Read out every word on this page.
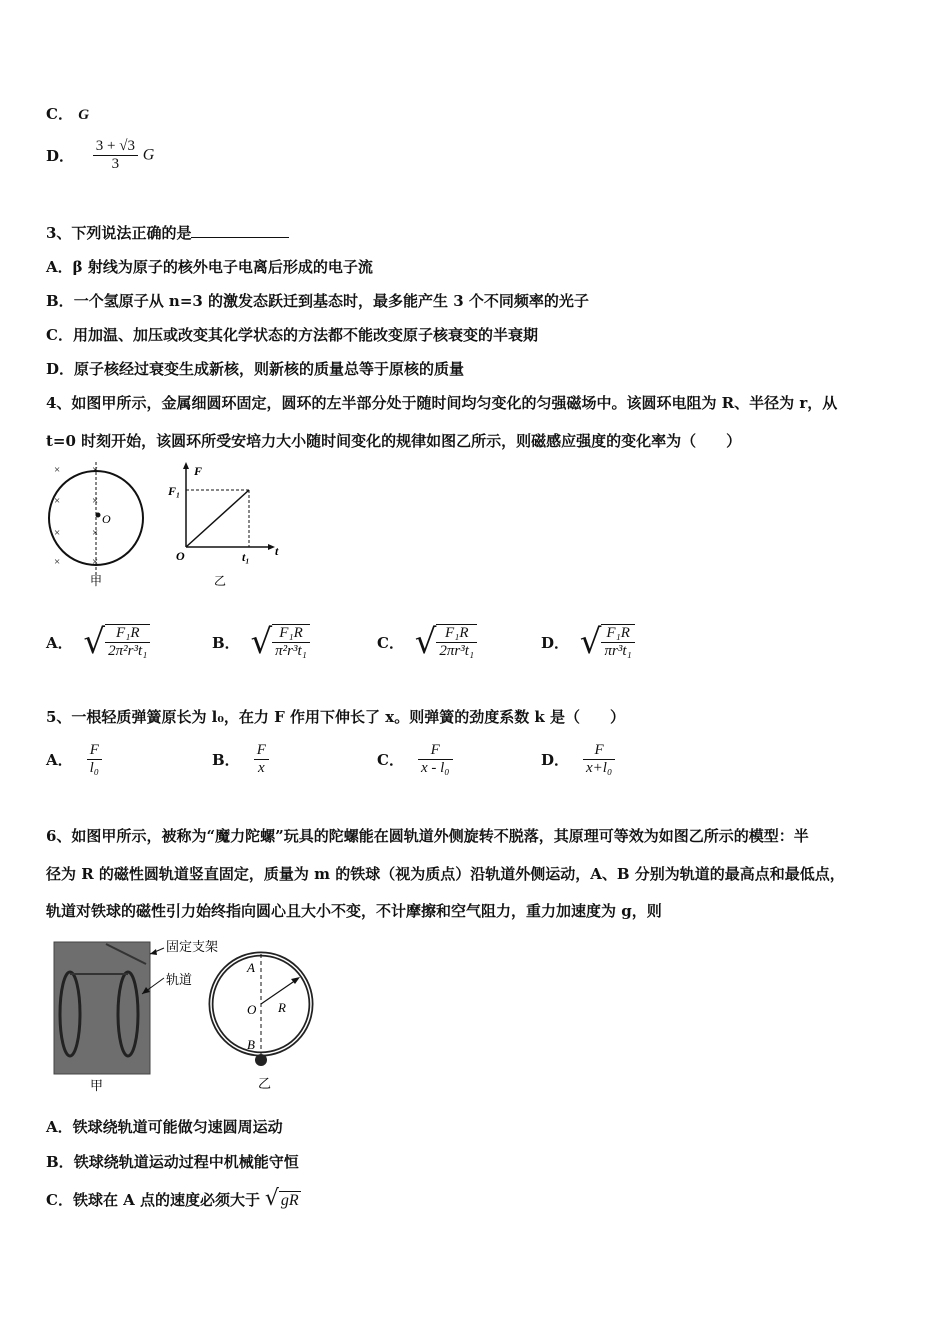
C． G
D． $\frac{3 + √3}{3}$ G
3、下列说法正确的是
A．β 射线为原子的核外电子电离后形成的电子流
B．一个氢原子从 n=3 的激发态跃迁到基态时，最多能产生 3 个不同频率的光子
C．用加温、加压或改变其化学状态的方法都不能改变原子核衰变的半衰期
D．原子核经过衰变生成新核，则新核的质量总等于原核的质量
4、如图甲所示，金属细圆环固定，圆环的左半部分处于随时间均匀变化的匀强磁场中。该圆环电阻为 R、半径为 r，从
t=0 时刻开始，该圆环所受安培力大小随时间变化的规律如图乙所示，则磁感应强度的变化率为（　　）
×	×
×	×
×	×
×	×
O
甲
F
F₁
t
t₁
O
乙
A． √ $\frac{\text{F₁R}}{\text{2π²r³t₁}}$	B． √ $\frac{\text{F₁R}}{\text{π²r³t₁}}$	C． √ $\frac{\text{F₁R}}{\text{2πr³t₁}}$	D． √ $\frac{\text{F₁R}}{\text{πr³t₁}}$
5、一根轻质弹簧原长为 l₀，在力 F 作用下伸长了 x。则弹簧的劲度系数 k 是（　　）
A． $\frac{F}{\text{l₀}}$	B． $\frac{F}{x}$	C． $\frac{F}{\text{x - l₀}}$	D． $\frac{F}{\text{x+l₀}}$
6、如图甲所示，被称为“魔力陀螺”玩具的陀螺能在圆轨道外侧旋转不脱落，其原理可等效为如图乙所示的模型：半
径为 R 的磁性圆轨道竖直固定，质量为 m 的铁球（视为质点）沿轨道外侧运动，A、B 分别为轨道的最高点和最低点，
轨道对铁球的磁性引力始终指向圆心且大小不变，不计摩擦和空气阻力，重力加速度为 g，则
固定支架
轨道
甲
A
O R
B
乙
A．铁球绕轨道可能做匀速圆周运动
B．铁球绕轨道运动过程中机械能守恒
C．铁球在 A 点的速度必须大于 √ gR
